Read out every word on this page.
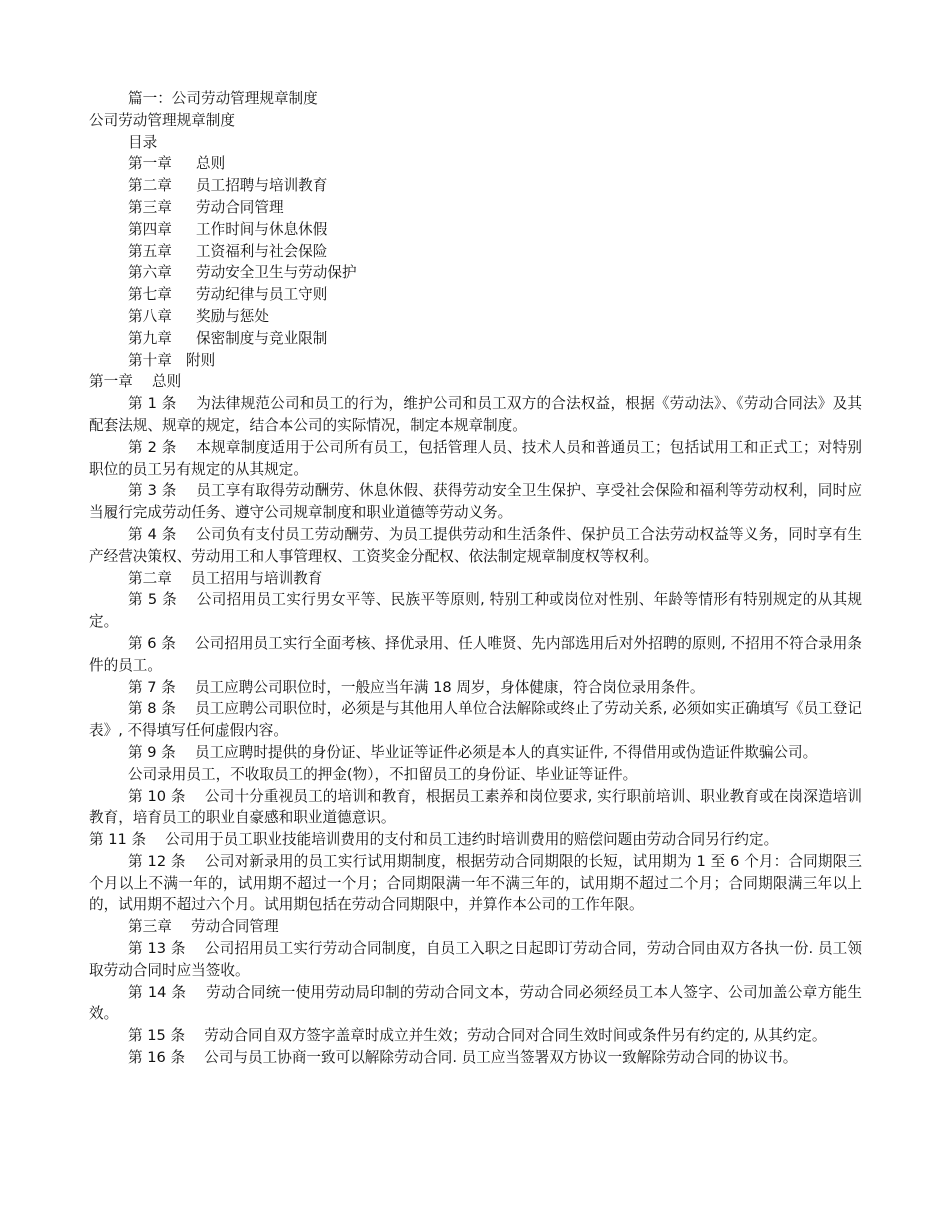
篇一：公司劳动管理规章制度
公司劳动管理规章制度
目录
第一章 总则
第二章 员工招聘与培训教育
第三章 劳动合同管理
第四章 工作时间与休息休假
第五章 工资福利与社会保险
第六章 劳动安全卫生与劳动保护
第七章 劳动纪律与员工守则
第八章 奖励与惩处
第九章 保密制度与竞业限制
第十章 附则
第一章　 总则
第 1 条　 为法律规范公司和员工的行为，维护公司和员工双方的合法权益，根据《劳动法》、《劳动合同法》及其配套法规、规章的规定，结合本公司的实际情况，制定本规章制度。
第 2 条　 本规章制度适用于公司所有员工，包括管理人员、技术人员和普通员工；包括试用工和正式工；对特别职位的员工另有规定的从其规定。
第 3 条　 员工享有取得劳动酬劳、休息休假、获得劳动安全卫生保护、享受社会保险和福利等劳动权利，同时应当履行完成劳动任务、遵守公司规章制度和职业道德等劳动义务。
第 4 条　 公司负有支付员工劳动酬劳、为员工提供劳动和生活条件、保护员工合法劳动权益等义务，同时享有生产经营决策权、劳动用工和人事管理权、工资奖金分配权、依法制定规章制度权等权利。
第二章　 员工招用与培训教育
第 5 条　 公司招用员工实行男女平等、民族平等原则, 特别工种或岗位对性别、年龄等情形有特别规定的从其规定。
第 6 条　 公司招用员工实行全面考核、择优录用、任人唯贤、先内部选用后对外招聘的原则, 不招用不符合录用条件的员工。
第 7 条　 员工应聘公司职位时，一般应当年满 18 周岁，身体健康，符合岗位录用条件。
第 8 条　 员工应聘公司职位时，必须是与其他用人单位合法解除或终止了劳动关系, 必须如实正确填写《员工登记表》, 不得填写任何虚假内容。
第 9 条　 员工应聘时提供的身份证、毕业证等证件必须是本人的真实证件, 不得借用或伪造证件欺骗公司。
公司录用员工，不收取员工的押金(物），不扣留员工的身份证、毕业证等证件。
第 10 条　 公司十分重视员工的培训和教育，根据员工素养和岗位要求, 实行职前培训、职业教育或在岗深造培训教育，培育员工的职业自豪感和职业道德意识。
第 11 条　 公司用于员工职业技能培训费用的支付和员工违约时培训费用的赔偿问题由劳动合同另行约定。
第 12 条　 公司对新录用的员工实行试用期制度，根据劳动合同期限的长短，试用期为 1 至 6 个月：合同期限三个月以上不满一年的，试用期不超过一个月；合同期限满一年不满三年的，试用期不超过二个月；合同期限满三年以上的，试用期不超过六个月。试用期包括在劳动合同期限中，并算作本公司的工作年限。
第三章　 劳动合同管理
第 13 条　 公司招用员工实行劳动合同制度，自员工入职之日起即订劳动合同，劳动合同由双方各执一份. 员工领取劳动合同时应当签收。
第 14 条　 劳动合同统一使用劳动局印制的劳动合同文本，劳动合同必须经员工本人签字、公司加盖公章方能生效。
第 15 条　 劳动合同自双方签字盖章时成立并生效；劳动合同对合同生效时间或条件另有约定的, 从其约定。
第 16 条　 公司与员工协商一致可以解除劳动合同. 员工应当签署双方协议一致解除劳动合同的协议书。
